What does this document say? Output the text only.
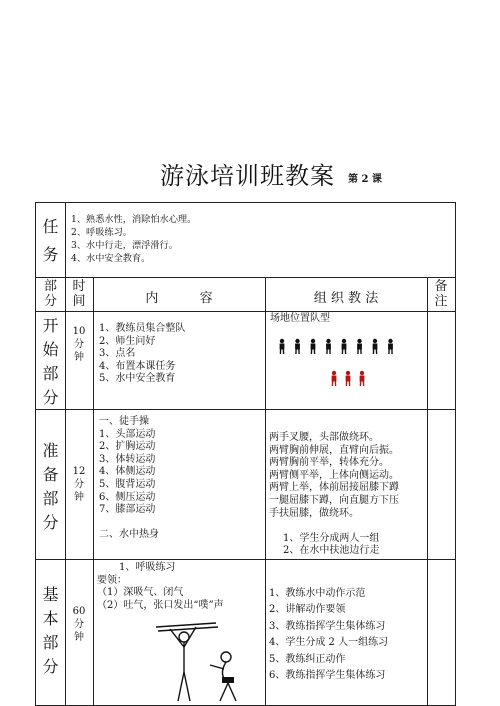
游泳培训班教案 第 2 课
任
务
1、熟悉水性，消除怕水心理。
2、呼吸练习。
3、水中行走，漂浮滑行。
4、水中安全教育。
部
分
时
间	内          容	组 织 教 法
备
注
开
始
部
分
10
分
钟
1、教练员集合整队
2、师生问好
3、点名
4、布置本课任务
5、水中安全教育
场地位置队型
准
备
部
分
12
分
钟
一、徒手操
1、头部运动
2、扩胸运动
3、体转运动
4、体侧运动
5、腹背运动
6、侧压运动
7、膝部运动

二、水中热身
两手叉腰，头部做绕环。
两臂胸前伸展，直臂向后振。
两臂胸前平举，转体充分。
两臂侧平举，上体向侧运动。
两臂上举，体前屈接屈膝下蹲
一腿屈膝下蹲，向直腿方下压
手扶屈膝，做绕环。

1、学生分成两人一组
2、在水中扶池边行走
基
本
部
分
60
分
钟
1、呼吸练习
要领：
（1）深吸气、闭气
（2）吐气，张口发出“噗”声
1、教练水中动作示范
2、讲解动作要领
3、教练指挥学生集体练习
4、学生分成 2 人一组练习
5、教练纠正动作
6、教练指挥学生集体练习
